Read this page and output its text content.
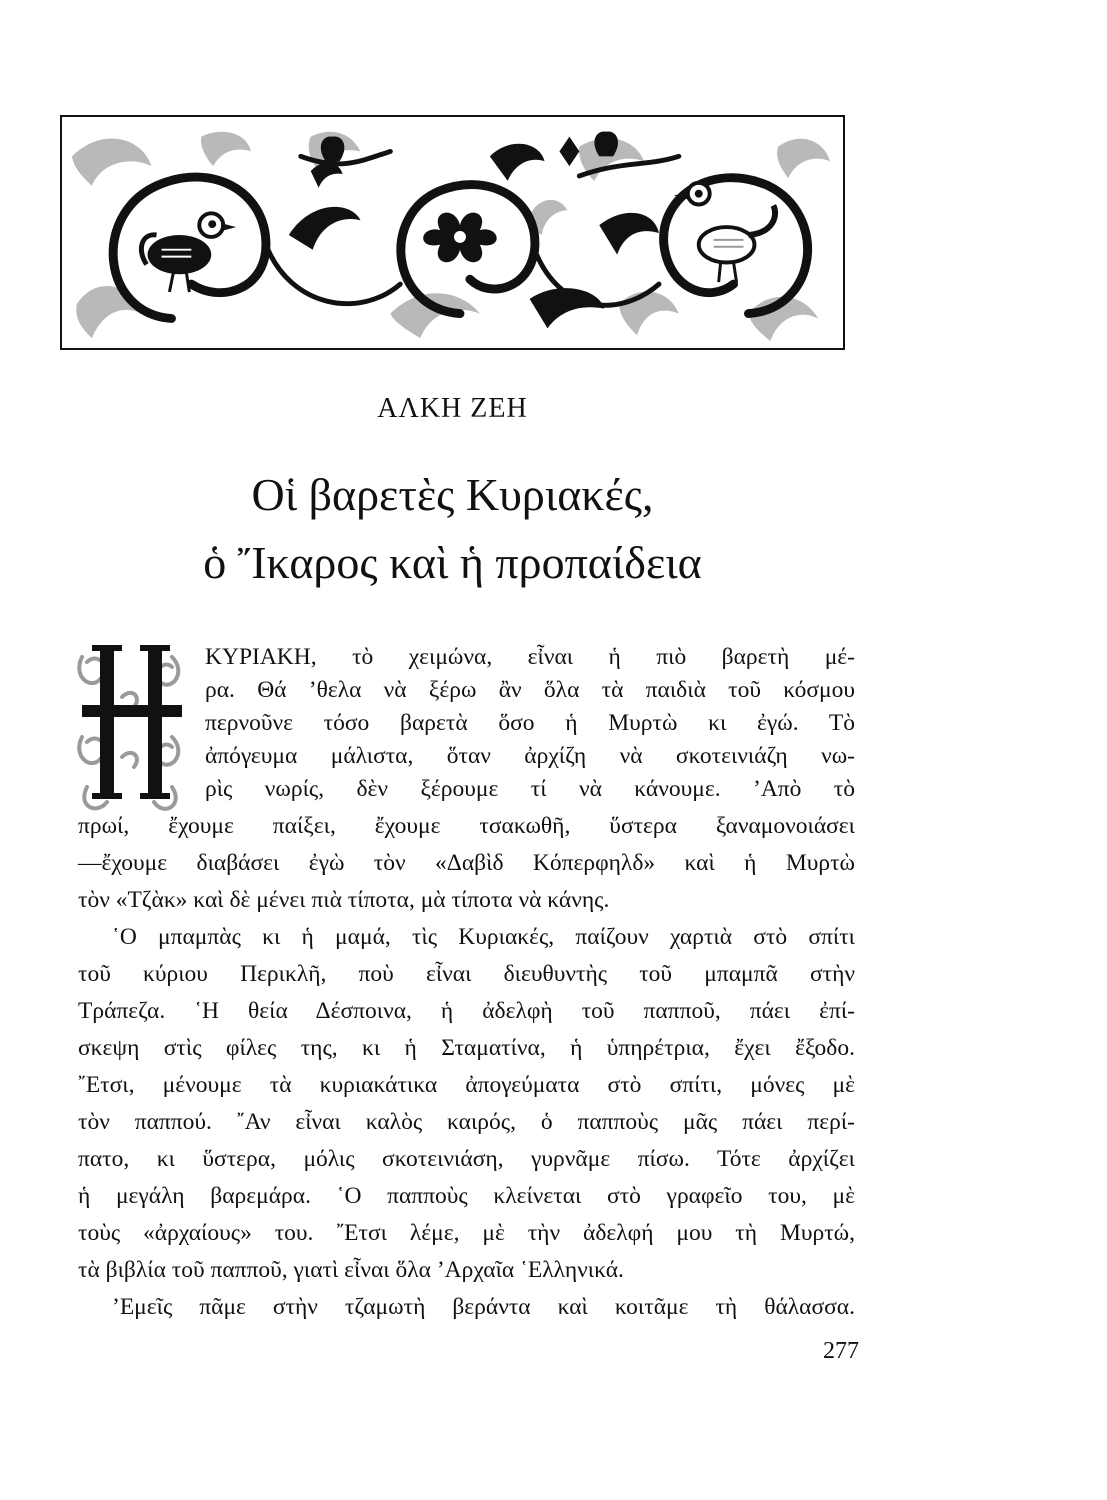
ΑΛΚΗ ΖΕΗ
Οἱ βαρετὲς Κυριακές,
ὁ Ἴκαρος καὶ ἡ προπαίδεια
Η
ΚΥΡΙΑΚΗ, τὸ χειμώνα, εἶναι ἡ πιὸ βαρετὴ μέ-
ρα. Θά ’θελα νὰ ξέρω ἂν ὅλα τὰ παιδιὰ τοῦ κόσμου
περνοῦνε τόσο βαρετὰ ὅσο ἡ Μυρτὼ κι ἐγώ. Τὸ
ἀπόγευμα μάλιστα, ὅταν ἀρχίζη νὰ σκοτεινιάζη νω-
ρὶς νωρίς, δὲν ξέρουμε τί νὰ κάνουμε. ’Απὸ τὸ
πρωί, ἔχουμε παίξει, ἔχουμε τσακωθῆ, ὕστερα ξαναμονοιάσει
—ἔχουμε διαβάσει ἐγὼ τὸν «Δαβὶδ Κόπερφηλδ» καὶ ἡ Μυρτὼ
τὸν «Τζὰκ» καὶ δὲ μένει πιὰ τίποτα, μὰ τίποτα νὰ κάνης.
῾Ο μπαμπὰς κι ἡ μαμά, τὶς Κυριακές, παίζουν χαρτιὰ στὸ σπίτι
τοῦ κύριου Περικλῆ, ποὺ εἶναι διευθυντὴς τοῦ μπαμπᾶ στὴν
Τράπεζα. ῾Η θεία Δέσποινα, ἡ ἀδελφὴ τοῦ παπποῦ, πάει ἐπί-
σκεψη στὶς φίλες της, κι ἡ Σταματίνα, ἡ ὑπηρέτρια, ἔχει ἔξοδο.
῎Ετσι, μένουμε τὰ κυριακάτικα ἀπογεύματα στὸ σπίτι, μόνες μὲ
τὸν παππού. ῎Αν εἶναι καλὸς καιρός, ὁ παπποὺς μᾶς πάει περί-
πατο, κι ὕστερα, μόλις σκοτεινιάση, γυρνᾶμε πίσω. Τότε ἀρχίζει
ἡ μεγάλη βαρεμάρα. ῾Ο παπποὺς κλείνεται στὸ γραφεῖο του, μὲ
τοὺς «ἀρχαίους» του. ῎Ετσι λέμε, μὲ τὴν ἀδελφή μου τὴ Μυρτώ,
τὰ βιβλία τοῦ παπποῦ, γιατὶ εἶναι ὅλα ’Αρχαῖα ῾Ελληνικά.
’Εμεῖς πᾶμε στὴν τζαμωτὴ βεράντα καὶ κοιτᾶμε τὴ θάλασσα.
277
